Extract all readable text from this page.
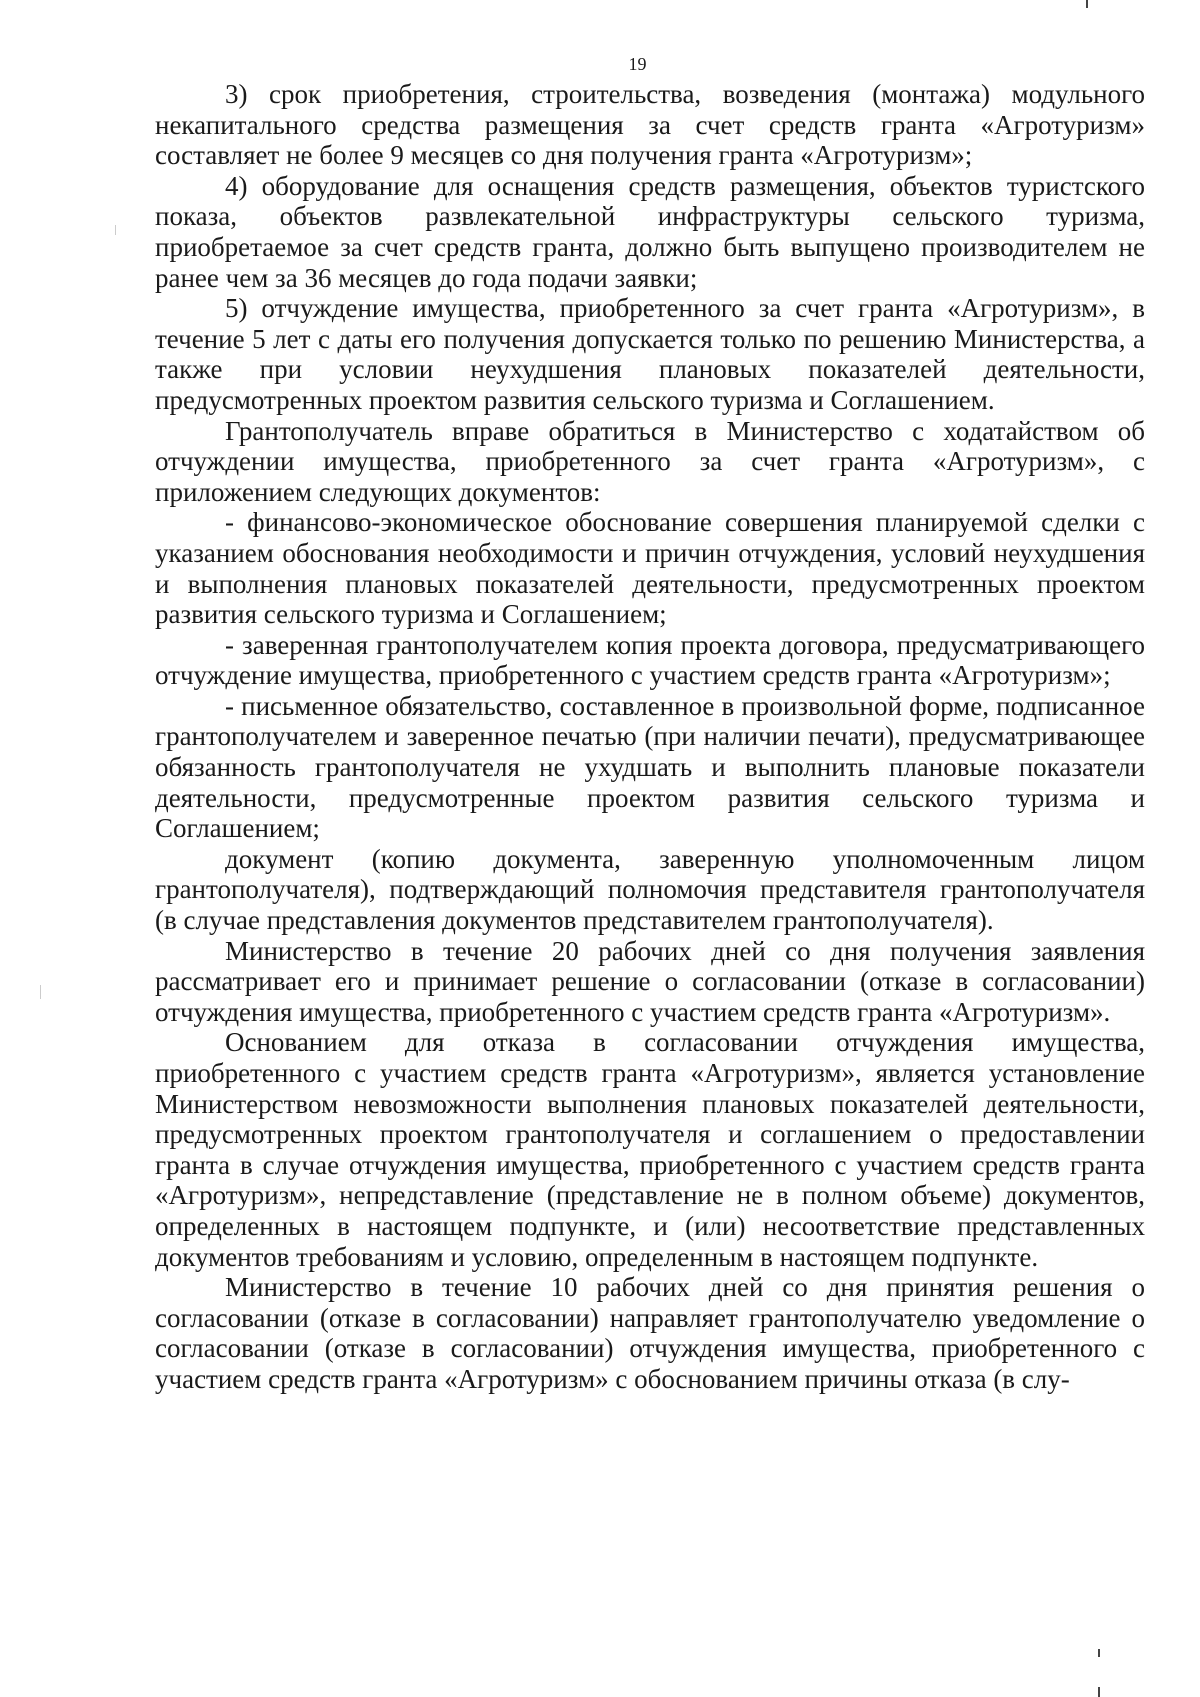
19

3) срок приобретения, строительства, возведения (монтажа) модульного некапитального средства размещения за счет средств гранта «Агротуризм» составляет не более 9 месяцев со дня получения гранта «Агротуризм»;

4) оборудование для оснащения средств размещения, объектов туристского показа, объектов развлекательной инфраструктуры сельского туризма, приобретаемое за счет средств гранта, должно быть выпущено производителем не ранее чем за 36 месяцев до года подачи заявки;

5) отчуждение имущества, приобретенного за счет гранта «Агротуризм», в течение 5 лет с даты его получения допускается только по решению Министерства, а также при условии неухудшения плановых показателей деятельности, предусмотренных проектом развития сельского туризма и Соглашением.

Грантополучатель вправе обратиться в Министерство с ходатайством об отчуждении имущества, приобретенного за счет гранта «Агротуризм», с приложением следующих документов:

- финансово-экономическое обоснование совершения планируемой сделки с указанием обоснования необходимости и причин отчуждения, условий неухудшения и выполнения плановых показателей деятельности, предусмотренных проектом развития сельского туризма и Соглашением;

- заверенная грантополучателем копия проекта договора, предусматривающего отчуждение имущества, приобретенного с участием средств гранта «Агротуризм»;

- письменное обязательство, составленное в произвольной форме, подписанное грантополучателем и заверенное печатью (при наличии печати), предусматривающее обязанность грантополучателя не ухудшать и выполнить плановые показатели деятельности, предусмотренные проектом развития сельского туризма и Соглашением;

документ (копию документа, заверенную уполномоченным лицом грантополучателя), подтверждающий полномочия представителя грантополучателя (в случае представления документов представителем грантополучателя).

Министерство в течение 20 рабочих дней со дня получения заявления рассматривает его и принимает решение о согласовании (отказе в согласовании) отчуждения имущества, приобретенного с участием средств гранта «Агротуризм».

Основанием для отказа в согласовании отчуждения имущества, приобретенного с участием средств гранта «Агротуризм», является установление Министерством невозможности выполнения плановых показателей деятельности, предусмотренных проектом грантополучателя и соглашением о предоставлении гранта в случае отчуждения имущества, приобретенного с участием средств гранта «Агротуризм», непредставление (представление не в полном объеме) документов, определенных в настоящем подпункте, и (или) несоответствие представленных документов требованиям и условию, определенным в настоящем подпункте.

Министерство в течение 10 рабочих дней со дня принятия решения о согласовании (отказе в согласовании) направляет грантополучателю уведомление о согласовании (отказе в согласовании) отчуждения имущества, приобретенного с участием средств гранта «Агротуризм» с обоснованием причины отказа (в слу-
